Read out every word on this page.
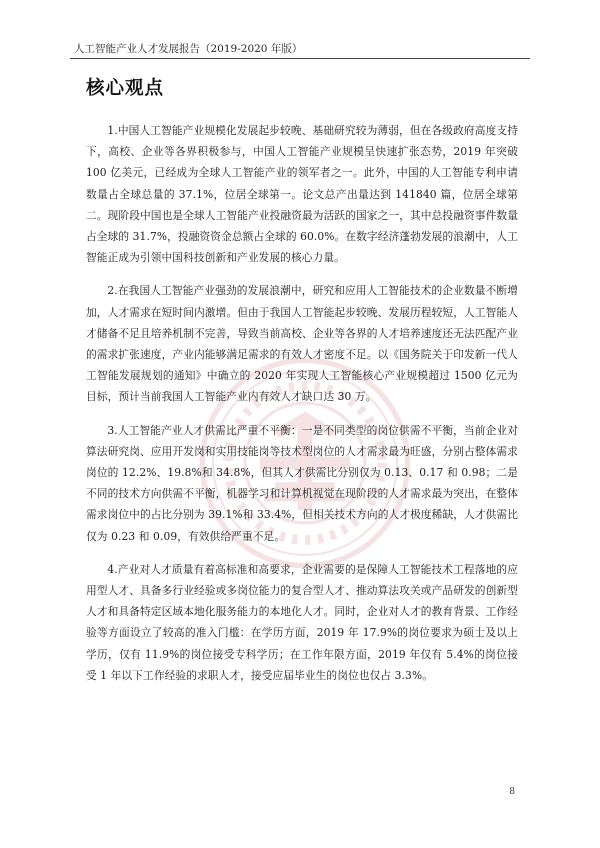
人工智能产业人才发展报告（2019-2020 年版）
核心观点

1.中国人工智能产业规模化发展起步较晚、基础研究较为薄弱，但在各级政府高度支持下，高校、企业等各界积极参与，中国人工智能产业规模呈快速扩张态势，2019 年突破 100 亿美元，已经成为全球人工智能产业的领军者之一。此外，中国的人工智能专利申请数量占全球总量的 37.1%，位居全球第一。论文总产出量达到 141840 篇，位居全球第二。现阶段中国也是全球人工智能产业投融资最为活跃的国家之一，其中总投融资事件数量占全球的 31.7%，投融资资金总额占全球的 60.0%。在数字经济蓬勃发展的浪潮中，人工智能正成为引领中国科技创新和产业发展的核心力量。

2.在我国人工智能产业强劲的发展浪潮中，研究和应用人工智能技术的企业数量不断增加，人才需求在短时间内激增。但由于我国人工智能起步较晚、发展历程较短，人工智能人才储备不足且培养机制不完善，导致当前高校、企业等各界的人才培养速度还无法匹配产业的需求扩张速度，产业内能够满足需求的有效人才密度不足。以《国务院关于印发新一代人工智能发展规划的通知》中确立的 2020 年实现人工智能核心产业规模超过 1500 亿元为目标，预计当前我国人工智能产业内有效人才缺口达 30 万。

3.人工智能产业人才供需比严重不平衡：一是不同类型的岗位供需不平衡，当前企业对算法研究岗、应用开发岗和实用技能岗等技术型岗位的人才需求最为旺盛，分别占整体需求岗位的 12.2%、19.8%和 34.8%，但其人才供需比分别仅为 0.13、0.17 和 0.98；二是不同的技术方向供需不平衡，机器学习和计算机视觉在现阶段的人才需求最为突出，在整体需求岗位中的占比分别为 39.1%和 33.4%，但相关技术方向的人才极度稀缺，人才供需比仅为 0.23 和 0.09，有效供给严重不足。

4.产业对人才质量有着高标准和高要求，企业需要的是保障人工智能技术工程落地的应用型人才、具备多行业经验或多岗位能力的复合型人才、推动算法攻关或产品研发的创新型人才和具备特定区域本地化服务能力的本地化人才。同时，企业对人才的教育背景、工作经验等方面设立了较高的准入门槛：在学历方面，2019 年 17.9%的岗位要求为硕士及以上学历，仅有 11.9%的岗位接受专科学历；在工作年限方面，2019 年仅有 5.4%的岗位接受 1 年以下工作经验的求职人才，接受应届毕业生的岗位也仅占 3.3%。

8
